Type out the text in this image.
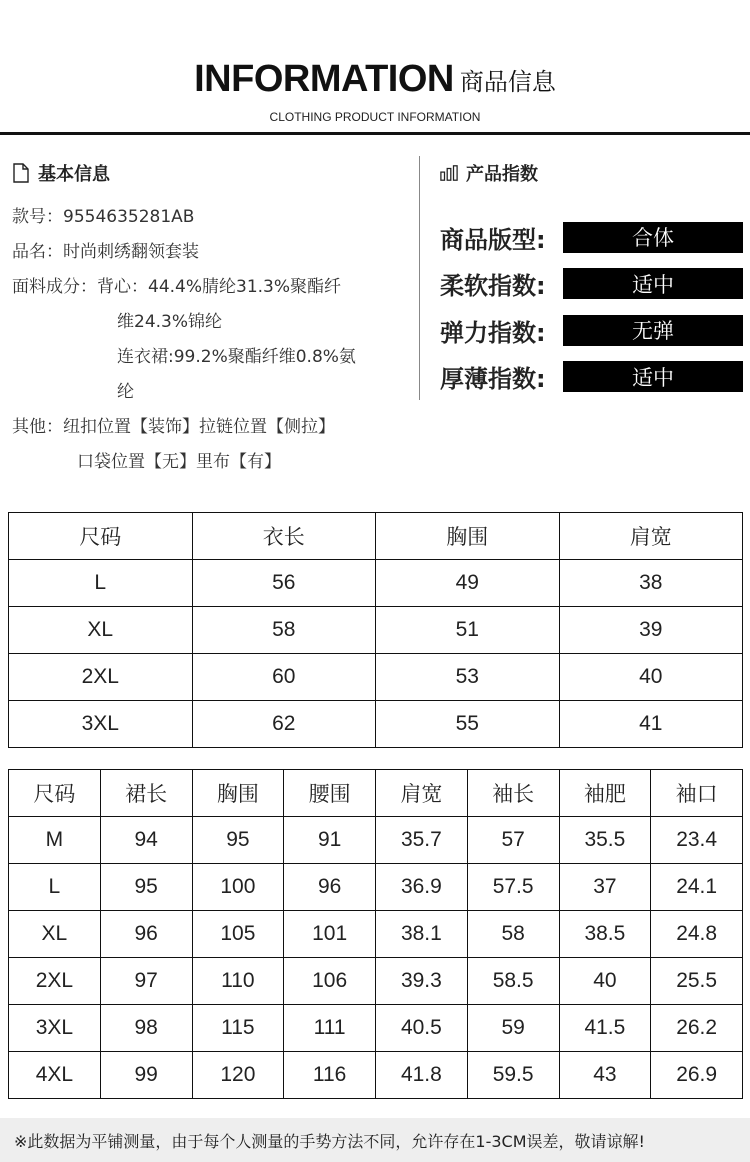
INFORMATION 商品信息
CLOTHING PRODUCT INFORMATION
基本信息
款号： 9554635281AB
品名： 时尚刺绣翻领套装
面料成分： 背心：44.4%腈纶31.3%聚酯纤
维24.3%锦纶
连衣裙:99.2%聚酯纤维0.8%氨
纶
其他： 纽扣位置【装饰】拉链位置【侧拉】
口袋位置【无】里布【有】
产品指数
商品版型:	合体
柔软指数:	适中
弹力指数:	无弹
厚薄指数:	适中
尺码	衣长	胸围	肩宽
L	56	49	38
XL	58	51	39
2XL	60	53	40
3XL	62	55	41
尺码	裙长	胸围	腰围	肩宽	袖长	袖肥	袖口
M	94	95	91	35.7	57	35.5	23.4
L	95	100	96	36.9	57.5	37	24.1
XL	96	105	101	38.1	58	38.5	24.8
2XL	97	110	106	39.3	58.5	40	25.5
3XL	98	115	111	40.5	59	41.5	26.2
4XL	99	120	116	41.8	59.5	43	26.9
※此数据为平铺测量，由于每个人测量的手势方法不同，允许存在1-3CM误差，敬请谅解!
